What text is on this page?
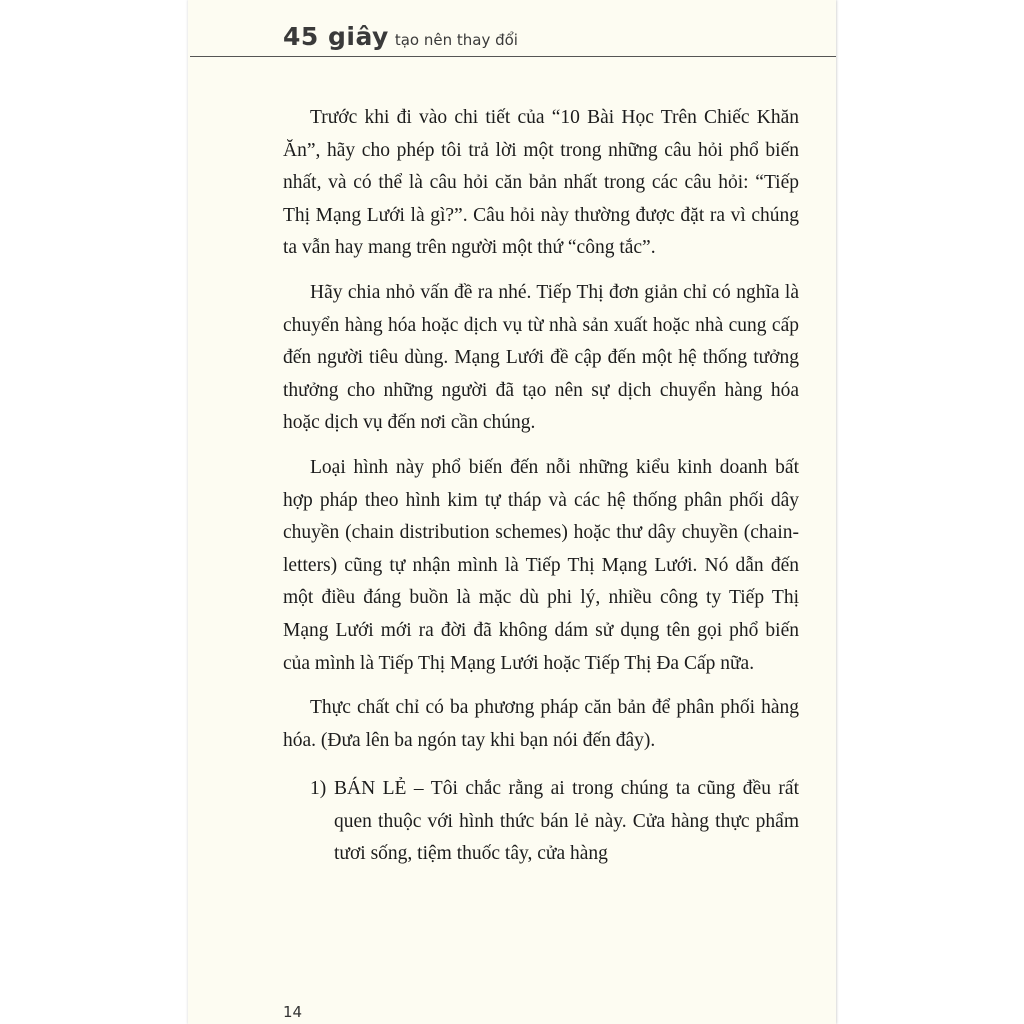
45 giây tạo nên thay đổi

Trước khi đi vào chi tiết của “10 Bài Học Trên Chiếc Khăn Ăn”, hãy cho phép tôi trả lời một trong những câu hỏi phổ biến nhất, và có thể là câu hỏi căn bản nhất trong các câu hỏi: “Tiếp Thị Mạng Lưới là gì?”. Câu hỏi này thường được đặt ra vì chúng ta vẫn hay mang trên người một thứ “công tắc”.

Hãy chia nhỏ vấn đề ra nhé. Tiếp Thị đơn giản chỉ có nghĩa là chuyển hàng hóa hoặc dịch vụ từ nhà sản xuất hoặc nhà cung cấp đến người tiêu dùng. Mạng Lưới đề cập đến một hệ thống tưởng thưởng cho những người đã tạo nên sự dịch chuyển hàng hóa hoặc dịch vụ đến nơi cần chúng.

Loại hình này phổ biến đến nỗi những kiểu kinh doanh bất hợp pháp theo hình kim tự tháp và các hệ thống phân phối dây chuyền (chain distribution schemes) hoặc thư dây chuyền (chain-letters) cũng tự nhận mình là Tiếp Thị Mạng Lưới. Nó dẫn đến một điều đáng buồn là mặc dù phi lý, nhiều công ty Tiếp Thị Mạng Lưới mới ra đời đã không dám sử dụng tên gọi phổ biến của mình là Tiếp Thị Mạng Lưới hoặc Tiếp Thị Đa Cấp nữa.

Thực chất chỉ có ba phương pháp căn bản để phân phối hàng hóa. (Đưa lên ba ngón tay khi bạn nói đến đây).

1) BÁN LẺ – Tôi chắc rằng ai trong chúng ta cũng đều rất quen thuộc với hình thức bán lẻ này. Cửa hàng thực phẩm tươi sống, tiệm thuốc tây, cửa hàng
14
